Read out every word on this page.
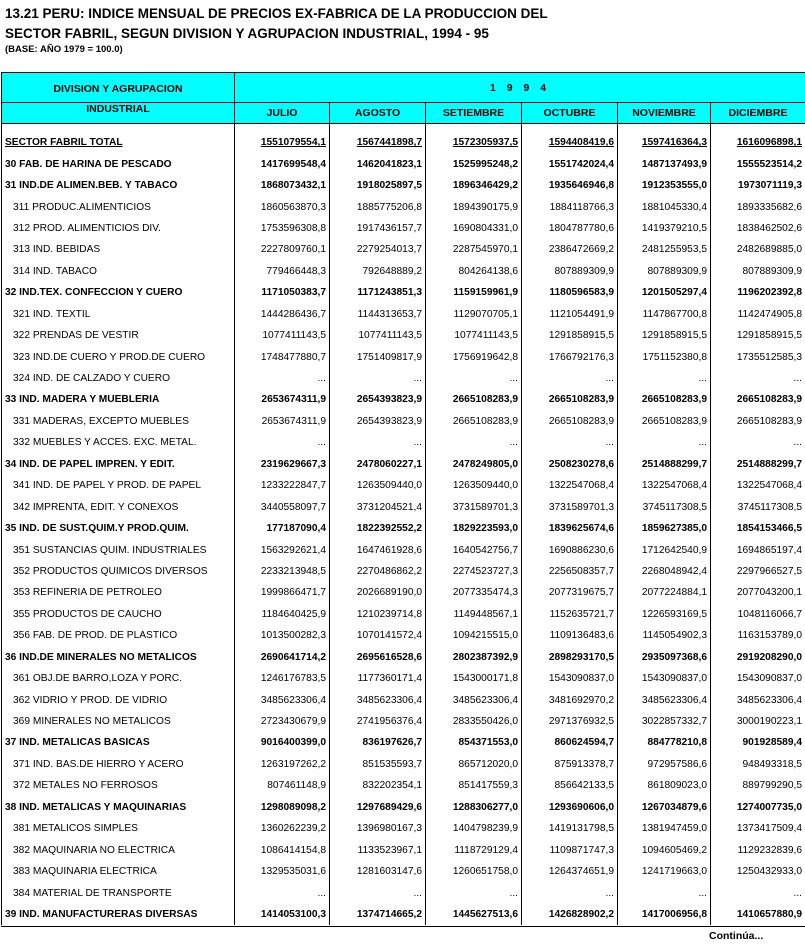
13.21 PERU: INDICE MENSUAL DE PRECIOS EX-FABRICA DE LA PRODUCCION DEL
SECTOR FABRIL, SEGUN DIVISION Y AGRUPACION INDUSTRIAL, 1994 - 95
(BASE: AÑO 1979 = 100.0)
DIVISION Y AGRUPACION	1 9 9 4					
INDUSTRIAL	JULIO	AGOSTO	SETIEMBRE	OCTUBRE	NOVIEMBRE	DICIEMBRE
SECTOR FABRIL TOTAL	1551079554,1	1567441898,7	1572305937,5	1594408419,6	1597416364,3	1616096898,1
30 FAB. DE HARINA DE PESCADO	1417699548,4	1462041823,1	1525995248,2	1551742024,4	1487137493,9	1555523514,2
31 IND.DE ALIMEN.BEB. Y TABACO	1868073432,1	1918025897,5	1896346429,2	1935646946,8	1912353555,0	1973071119,3
311 PRODUC.ALIMENTICIOS	1860563870,3	1885775206,8	1894390175,9	1884118766,3	1881045330,4	1893335682,6
312 PROD. ALIMENTICIOS DIV.	1753596308,8	1917436157,7	1690804331,0	1804787780,6	1419379210,5	1838462502,6
313 IND. BEBIDAS	2227809760,1	2279254013,7	2287545970,1	2386472669,2	2481255953,5	2482689885,0
314 IND. TABACO	779466448,3	792648889,2	804264138,6	807889309,9	807889309,9	807889309,9
32 IND.TEX. CONFECCION Y CUERO	1171050383,7	1171243851,3	1159159961,9	1180596583,9	1201505297,4	1196202392,8
321 IND. TEXTIL	1444286436,7	1144313653,7	1129070705,1	1121054491,9	1147867700,8	1142474905,8
322 PRENDAS DE VESTIR	1077411143,5	1077411143,5	1077411143,5	1291858915,5	1291858915,5	1291858915,5
323 IND.DE CUERO Y PROD.DE CUERO	1748477880,7	1751409817,9	1756919642,8	1766792176,3	1751152380,8	1735512585,3
324 IND. DE CALZADO Y CUERO	...	...	...	...	...	...
33 IND. MADERA Y MUEBLERIA	2653674311,9	2654393823,9	2665108283,9	2665108283,9	2665108283,9	2665108283,9
331 MADERAS, EXCEPTO MUEBLES	2653674311,9	2654393823,9	2665108283,9	2665108283,9	2665108283,9	2665108283,9
332 MUEBLES Y ACCES. EXC. METAL.	...	...	...	...	...	...
34 IND. DE PAPEL IMPREN. Y EDIT.	2319629667,3	2478060227,1	2478249805,0	2508230278,6	2514888299,7	2514888299,7
341 IND. DE PAPEL Y PROD. DE PAPEL	1233222847,7	1263509440,0	1263509440,0	1322547068,4	1322547068,4	1322547068,4
342 IMPRENTA, EDIT. Y CONEXOS	3440558097,7	3731204521,4	3731589701,3	3731589701,3	3745117308,5	3745117308,5
35 IND. DE SUST.QUIM.Y PROD.QUIM.	177187090,4	1822392552,2	1829223593,0	1839625674,6	1859627385,0	1854153466,5
351 SUSTANCIAS QUIM. INDUSTRIALES	1563292621,4	1647461928,6	1640542756,7	1690886230,6	1712642540,9	1694865197,4
352 PRODUCTOS QUIMICOS DIVERSOS	2233213948,5	2270486862,2	2274523727,3	2256508357,7	2268048942,4	2297966527,5
353 REFINERIA DE PETROLEO	1999866471,7	2026689190,0	2077335474,3	2077319675,7	2077224884,1	2077043200,1
355 PRODUCTOS DE CAUCHO	1184640425,9	1210239714,8	1149448567,1	1152635721,7	1226593169,5	1048116066,7
356 FAB. DE PROD. DE PLASTICO	1013500282,3	1070141572,4	1094215515,0	1109136483,6	1145054902,3	1163153789,0
36 IND.DE MINERALES NO METALICOS	2690641714,2	2695616528,6	2802387392,9	2898293170,5	2935097368,6	2919208290,0
361 OBJ.DE BARRO,LOZA Y PORC.	1246176783,5	1177360171,4	1543000171,8	1543090837,0	1543090837,0	1543090837,0
362 VIDRIO Y PROD. DE VIDRIO	3485623306,4	3485623306,4	3485623306,4	3481692970,2	3485623306,4	3485623306,4
369 MINERALES NO METALICOS	2723430679,9	2741956376,4	2833550426,0	2971376932,5	3022857332,7	3000190223,1
37 IND. METALICAS BASICAS	9016400399,0	836197626,7	854371553,0	860624594,7	884778210,8	901928589,4
371 IND. BAS.DE HIERRO Y ACERO	1263197262,2	851535593,7	865712020,0	875913378,7	972957586,6	948493318,5
372 METALES NO FERROSOS	807461148,9	832202354,1	851417559,3	856642133,5	861809023,0	889799290,5
38 IND. METALICAS Y MAQUINARIAS	1298089098,2	1297689429,6	1288306277,0	1293690606,0	1267034879,6	1274007735,0
381 METALICOS SIMPLES	1360262239,2	1396980167,3	1404798239,9	1419131798,5	1381947459,0	1373417509,4
382 MAQUINARIA NO ELECTRICA	1086414154,8	1133523967,1	1118729129,4	1109871747,3	1094605469,2	1129232839,6
383 MAQUINARIA ELECTRICA	1329535031,6	1281603147,6	1260651758,0	1264374651,9	1241719663,0	1250432933,0
384 MATERIAL DE TRANSPORTE	...	...	...	...	...	...
39 IND. MANUFACTURERAS DIVERSAS	1414053100,3	1374714665,2	1445627513,6	1426828902,2	1417006956,8	1410657880,9
Continúa...
